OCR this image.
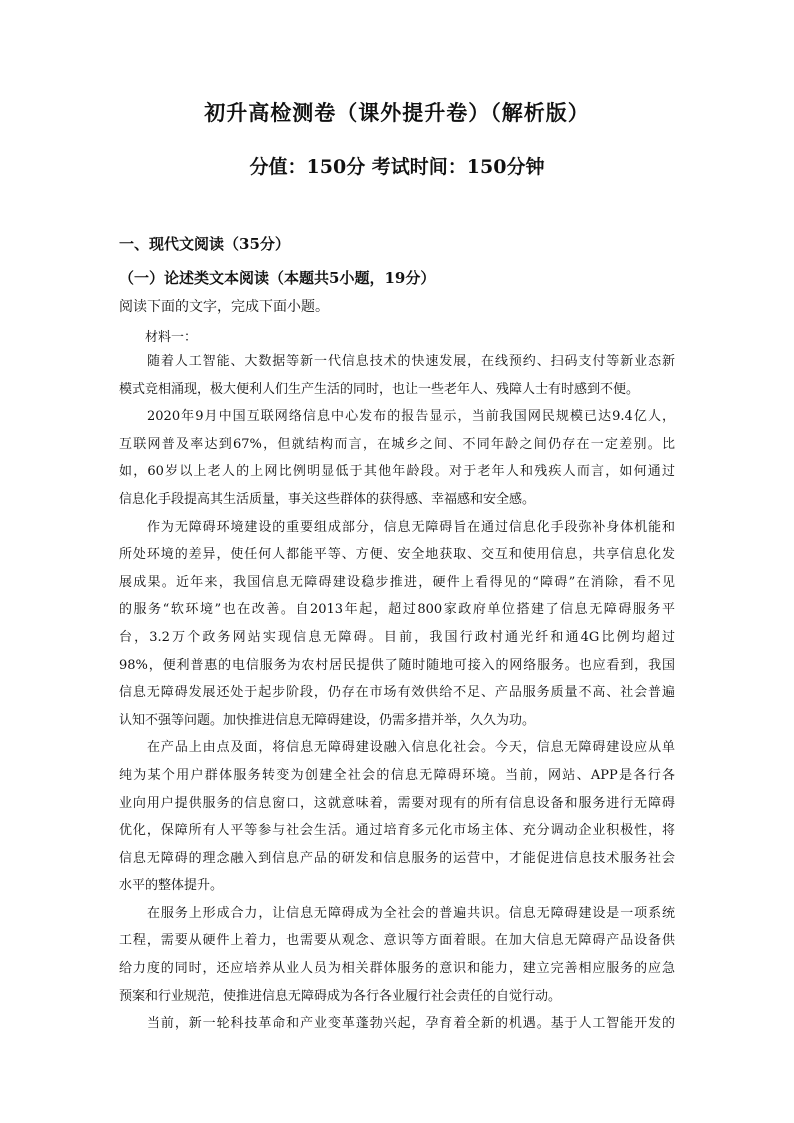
初升高检测卷（课外提升卷）（解析版）
分值：150分 考试时间：150分钟
一、现代文阅读（35分）
（一）论述类文本阅读（本题共5小题，19分）
阅读下面的文字，完成下面小题。
材料一：
随着人工智能、大数据等新一代信息技术的快速发展，在线预约、扫码支付等新业态新
模式竞相涌现，极大便利人们生产生活的同时，也让一些老年人、残障人士有时感到不便。
2020年9月中国互联网络信息中心发布的报告显示，当前我国网民规模已达9.4亿人，
互联网普及率达到67%，但就结构而言，在城乡之间、不同年龄之间仍存在一定差别。比
如，60岁以上老人的上网比例明显低于其他年龄段。对于老年人和残疾人而言，如何通过
信息化手段提高其生活质量，事关这些群体的获得感、幸福感和安全感。
作为无障碍环境建设的重要组成部分，信息无障碍旨在通过信息化手段弥补身体机能和
所处环境的差异，使任何人都能平等、方便、安全地获取、交互和使用信息，共享信息化发
展成果。近年来，我国信息无障碍建设稳步推进，硬件上看得见的“障碍”在消除，看不见
的服务“软环境”也在改善。自2013年起，超过800家政府单位搭建了信息无障碍服务平
台，3.2万个政务网站实现信息无障碍。目前，我国行政村通光纤和通4G比例均超过
98%，便利普惠的电信服务为农村居民提供了随时随地可接入的网络服务。也应看到，我国
信息无障碍发展还处于起步阶段，仍存在市场有效供给不足、产品服务质量不高、社会普遍
认知不强等问题。加快推进信息无障碍建设，仍需多措并举，久久为功。
在产品上由点及面，将信息无障碍建设融入信息化社会。今天，信息无障碍建设应从单
纯为某个用户群体服务转变为创建全社会的信息无障碍环境。当前，网站、APP是各行各
业向用户提供服务的信息窗口，这就意味着，需要对现有的所有信息设备和服务进行无障碍
优化，保障所有人平等参与社会生活。通过培育多元化市场主体、充分调动企业积极性，将
信息无障碍的理念融入到信息产品的研发和信息服务的运营中，才能促进信息技术服务社会
水平的整体提升。
在服务上形成合力，让信息无障碍成为全社会的普遍共识。信息无障碍建设是一项系统
工程，需要从硬件上着力，也需要从观念、意识等方面着眼。在加大信息无障碍产品设备供
给力度的同时，还应培养从业人员为相关群体服务的意识和能力，建立完善相应服务的应急
预案和行业规范，使推进信息无障碍成为各行各业履行社会责任的自觉行动。
当前，新一轮科技革命和产业变革蓬勃兴起，孕育着全新的机遇。基于人工智能开发的
